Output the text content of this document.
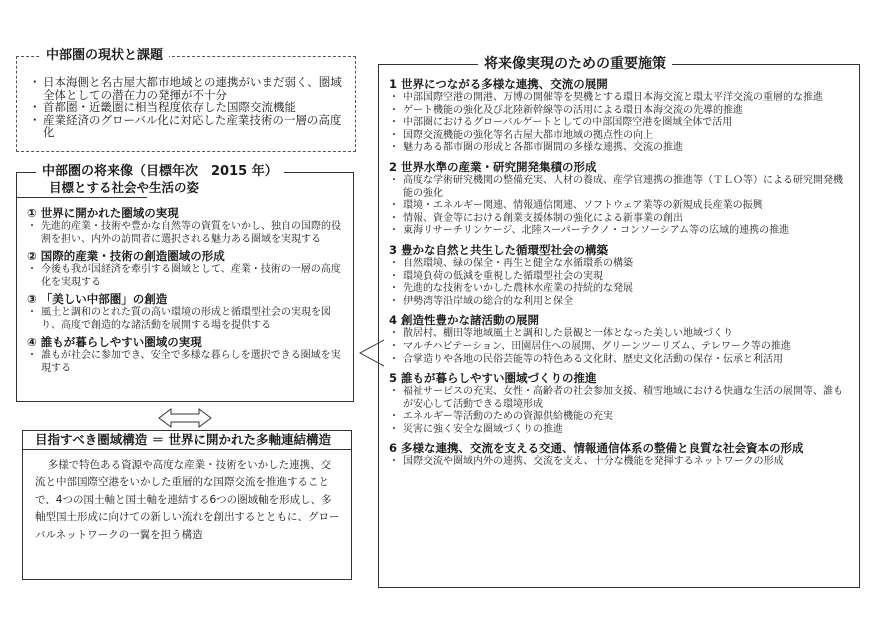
・ 日本海側と名古屋大都市地域との連携がいまだ弱く、圏域全体としての潜在力の発揮が不十分
・ 首都圏・近畿圏に相当程度依存した国際交流機能
・ 産業経済のグローバル化に対応した産業技術の一層の高度化
中部圏の現状と課題
目標とする社会や生活の姿
① 世界に開かれた圏域の実現
・ 先進的産業・技術や豊かな自然等の資質をいかし、独自の国際的役割を担い、内外の訪問者に選択される魅力ある圏域を実現する
② 国際的産業・技術の創造圏域の形成
・ 今後も我が国経済を牽引する圏域として、産業・技術の一層の高度化を実現する
③ 「美しい中部圏」の創造
・ 風土と調和のとれた質の高い環境の形成と循環型社会の実現を図り、高度で創造的な諸活動を展開する場を提供する
④ 誰もが暮らしやすい圏域の実現
・ 誰もが社会に参加でき、安全で多様な暮らしを選択できる圏域を実現する
中部圏の将来像（目標年次　2015 年）
目指すべき圏域構造 ＝ 世界に開かれた多軸連結構造
多様で特色ある資源や高度な産業・技術をいかした連携、交流と中部国際空港をいかした重層的な国際交流を推進することで、4つの国土軸と国土軸を連結する6つの圏域軸を形成し、多軸型国土形成に向けての新しい流れを創出するとともに、グローバルネットワークの一翼を担う構造
1 世界につながる多様な連携、交流の展開
・ 中部国際空港の開港、万博の開催等を契機とする環日本海交流と環太平洋交流の重層的な推進
・ ゲート機能の強化及び北陸新幹線等の活用による環日本海交流の先導的推進
・ 中部圏におけるグローバルゲートとしての中部国際空港を圏域全体で活用
・ 国際交流機能の強化等名古屋大都市地域の拠点性の向上
・ 魅力ある都市圏の形成と各都市圏間の多様な連携、交流の推進
2 世界水準の産業・研究開発集積の形成
・ 高度な学術研究機関の整備充実、人材の養成、産学官連携の推進等（ＴＬＯ等）による研究開発機能の強化
・ 環境・エネルギー関連、情報通信関連、ソフトウェア業等の新規成長産業の振興
・ 情報、資金等における創業支援体制の強化による新事業の創出
・ 東海リサーチリンケージ、北陸スーパーテクノ・コンソーシアム等の広域的連携の推進
3 豊かな自然と共生した循環型社会の構築
・ 自然環境、緑の保全・再生と健全な水循環系の構築
・ 環境負荷の低減を重視した循環型社会の実現
・ 先進的な技術をいかした農林水産業の持続的な発展
・ 伊勢湾等沿岸域の総合的な利用と保全
4 創造性豊かな諸活動の展開
・ 散居村、棚田等地域風土と調和した景観と一体となった美しい地域づくり
・ マルチハビテーション、田園居住への展開、グリーンツーリズム、テレワーク等の推進
・ 合掌造りや各地の民俗芸能等の特色ある文化財、歴史文化活動の保存・伝承と利活用
5 誰もが暮らしやすい圏域づくりの推進
・ 福祉サービスの充実、女性・高齢者の社会参加支援、積雪地域における快適な生活の展開等、誰もが安心して活動できる環境形成
・ エネルギー等活動のための資源供給機能の充実
・ 災害に強く安全な圏域づくりの推進
6 多様な連携、交流を支える交通、情報通信体系の整備と良質な社会資本の形成
・ 国際交流や圏域内外の連携、交流を支え、十分な機能を発揮するネットワークの形成
将来像実現のための重要施策
